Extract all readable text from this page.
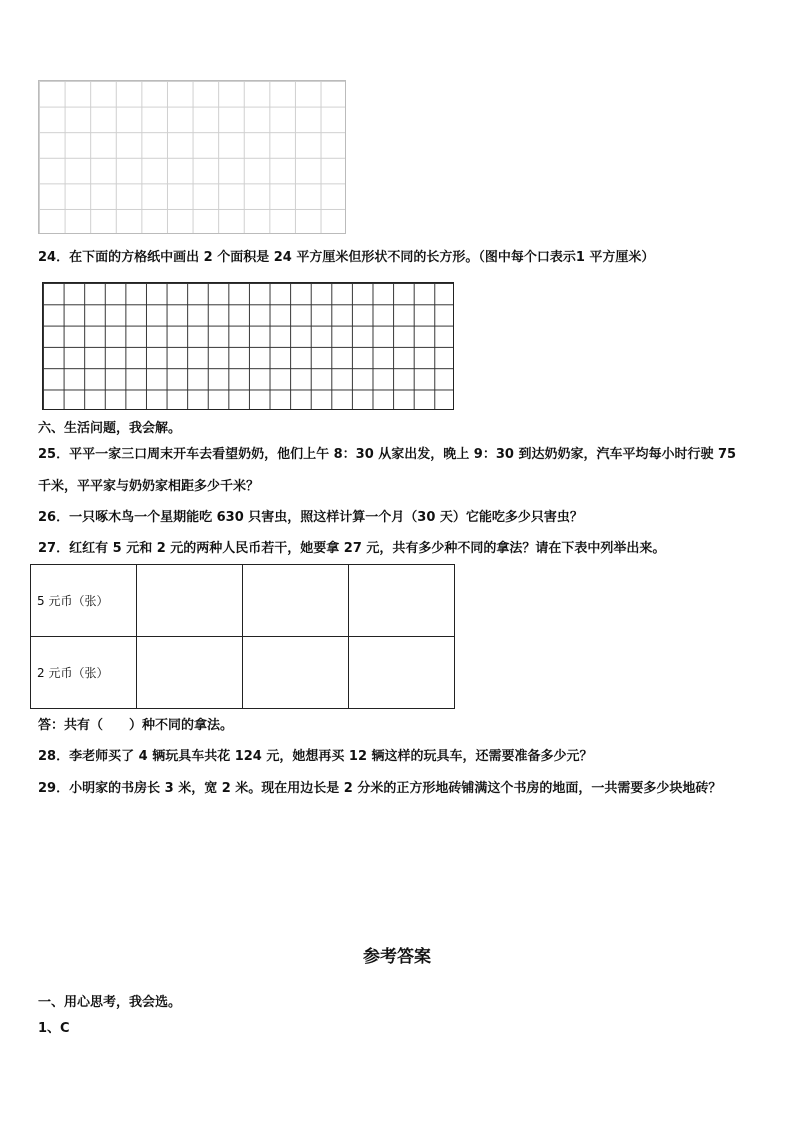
24．在下面的方格纸中画出 2 个面积是 24 平方厘米但形状不同的长方形。（图中每个口表示1 平方厘米）
六、生活问题，我会解。
25．平平一家三口周末开车去看望奶奶，他们上午 8：30 从家出发，晚上 9：30 到达奶奶家，汽车平均每小时行驶 75
千米，平平家与奶奶家相距多少千米？
26．一只啄木鸟一个星期能吃 630 只害虫，照这样计算一个月（30 天）它能吃多少只害虫？
27．红红有 5 元和 2 元的两种人民币若干，她要拿 27 元，共有多少种不同的拿法？请在下表中列举出来。
5 元币（张）			
2 元币（张）			
答：共有（　　）种不同的拿法。
28．李老师买了 4 辆玩具车共花 124 元，她想再买 12 辆这样的玩具车，还需要准备多少元？
29．小明家的书房长 3 米，宽 2 米。现在用边长是 2 分米的正方形地砖铺满这个书房的地面，一共需要多少块地砖？
参考答案
一、用心思考，我会选。
1、C
